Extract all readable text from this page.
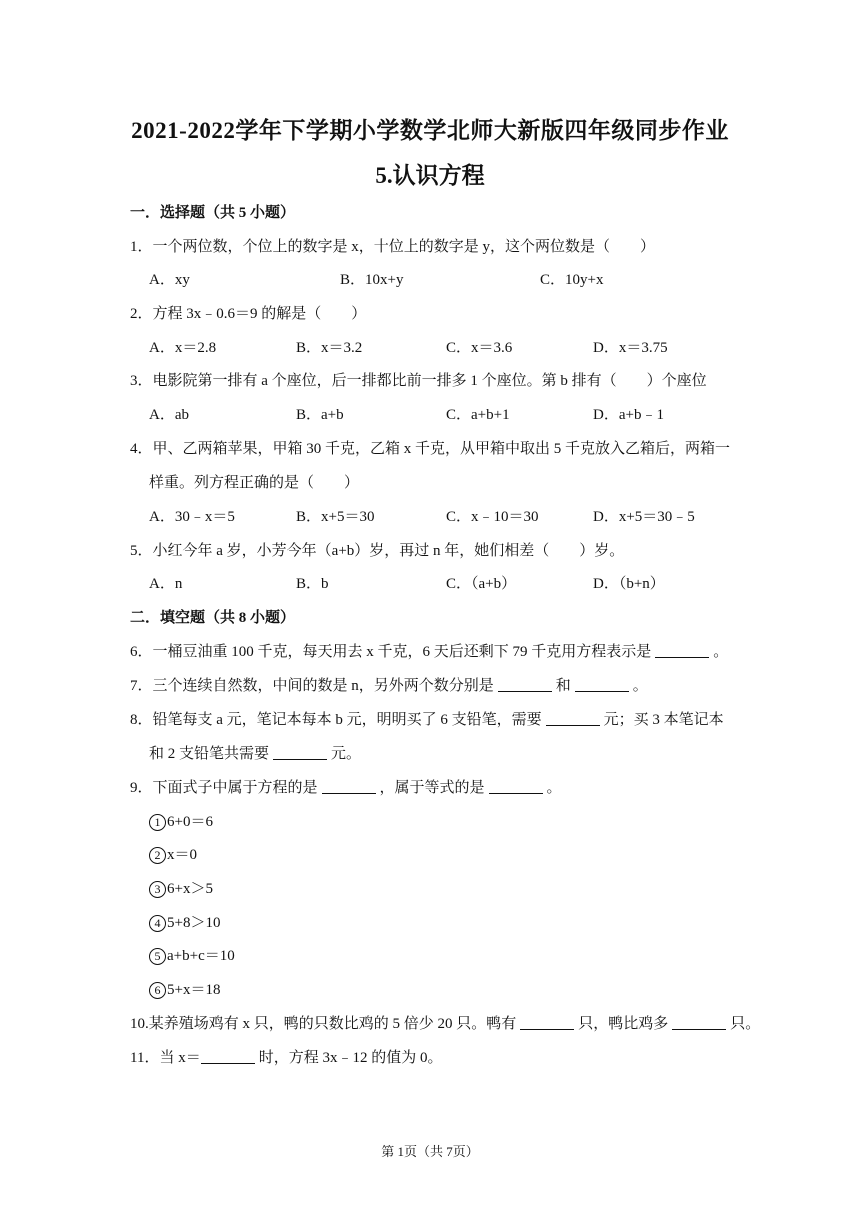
2021-2022学年下学期小学数学北师大新版四年级同步作业
5.认识方程
一．选择题（共 5 小题）
1．一个两位数，个位上的数字是 x，十位上的数字是 y，这个两位数是（　　）
A．xy	B．10x+y	C．10y+x
2．方程 3x﹣0.6＝9 的解是（　　）
A．x＝2.8	B．x＝3.2	C．x＝3.6	D．x＝3.75
3．电影院第一排有 a 个座位，后一排都比前一排多 1 个座位。第 b 排有（　　）个座位
A．ab	B．a+b	C．a+b+1	D．a+b﹣1
4．甲、乙两箱苹果，甲箱 30 千克，乙箱 x 千克，从甲箱中取出 5 千克放入乙箱后，两箱一
样重。列方程正确的是（　　）
A．30﹣x＝5	B．x+5＝30	C．x﹣10＝30	D．x+5＝30﹣5
5．小红今年 a 岁，小芳今年（a+b）岁，再过 n 年，她们相差（　　）岁。
A．n	B．b	C．（a+b）	D．（b+n）
二．填空题（共 8 小题）
6．一桶豆油重 100 千克，每天用去 x 千克，6 天后还剩下 79 千克用方程表示是	。
7．三个连续自然数，中间的数是 n，另外两个数分别是	和	。
8．铅笔每支 a 元，笔记本每本 b 元，明明买了 6 支铅笔，需要	元；买 3 本笔记本
和 2 支铅笔共需要	元。
9．下面式子中属于方程的是	，属于等式的是	。
1 6+0＝6
2 x＝0
3 6+x＞5
4 5+8＞10
5 a+b+c＝10
6 5+x＝18
10.某养殖场鸡有 x 只，鸭的只数比鸡的 5 倍少 20 只。鸭有	只，鸭比鸡多	只。
11．当 x＝	时，方程 3x﹣12 的值为 0。
第 1页（共 7页）
